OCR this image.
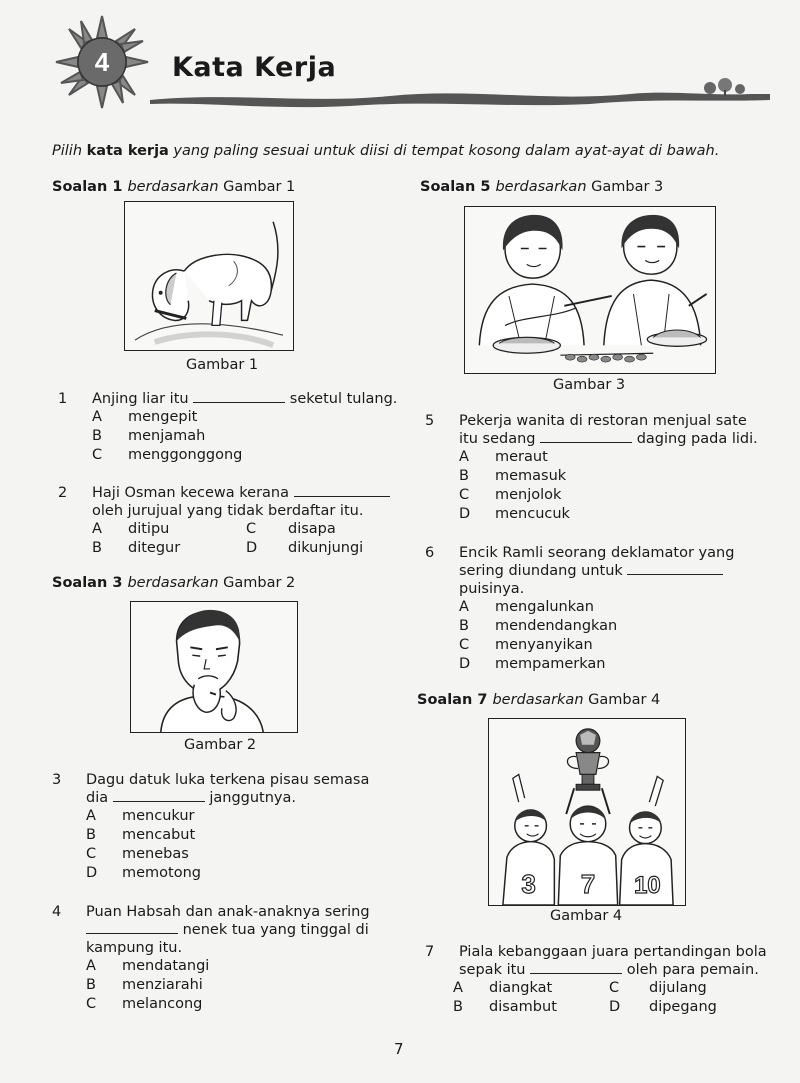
4 Kata Kerja
Pilih kata kerja yang paling sesuai untuk diisi di tempat kosong dalam ayat-ayat di bawah.
Soalan 1 berdasarkan Gambar 1
Gambar 1
1 Anjing liar itu	seketul tulang.
A mengepit
B menjamah
C menggonggong
2 Haji Osman kecewa kerana
oleh jurujual yang tidak berdaftar itu.
A ditipu	C disapa
B ditegur	D dikunjungi
Soalan 3 berdasarkan Gambar 2
Gambar 2
3 Dagu datuk luka terkena pisau semasa
dia	janggutnya.
A mencukur
B mencabut
C menebas
D memotong
4 Puan Habsah dan anak-anaknya sering
nenek tua yang tinggal di
kampung itu.
A mendatangi
B menziarahi
C melancong
Soalan 5 berdasarkan Gambar 3
Gambar 3
5 Pekerja wanita di restoran menjual sate
itu sedang	daging pada lidi.
A meraut
B memasuk
C menjolok
D mencucuk
6 Encik Ramli seorang deklamator yang
sering diundang untuk
puisinya.
A mengalunkan
B mendendangkan
C menyanyikan
D mempamerkan
Soalan 7 berdasarkan Gambar 4
3 7 10
Gambar 4
7 Piala kebanggaan juara pertandingan bola
sepak itu	oleh para pemain.
A diangkat	C dijulang
B disambut	D dipegang
7
